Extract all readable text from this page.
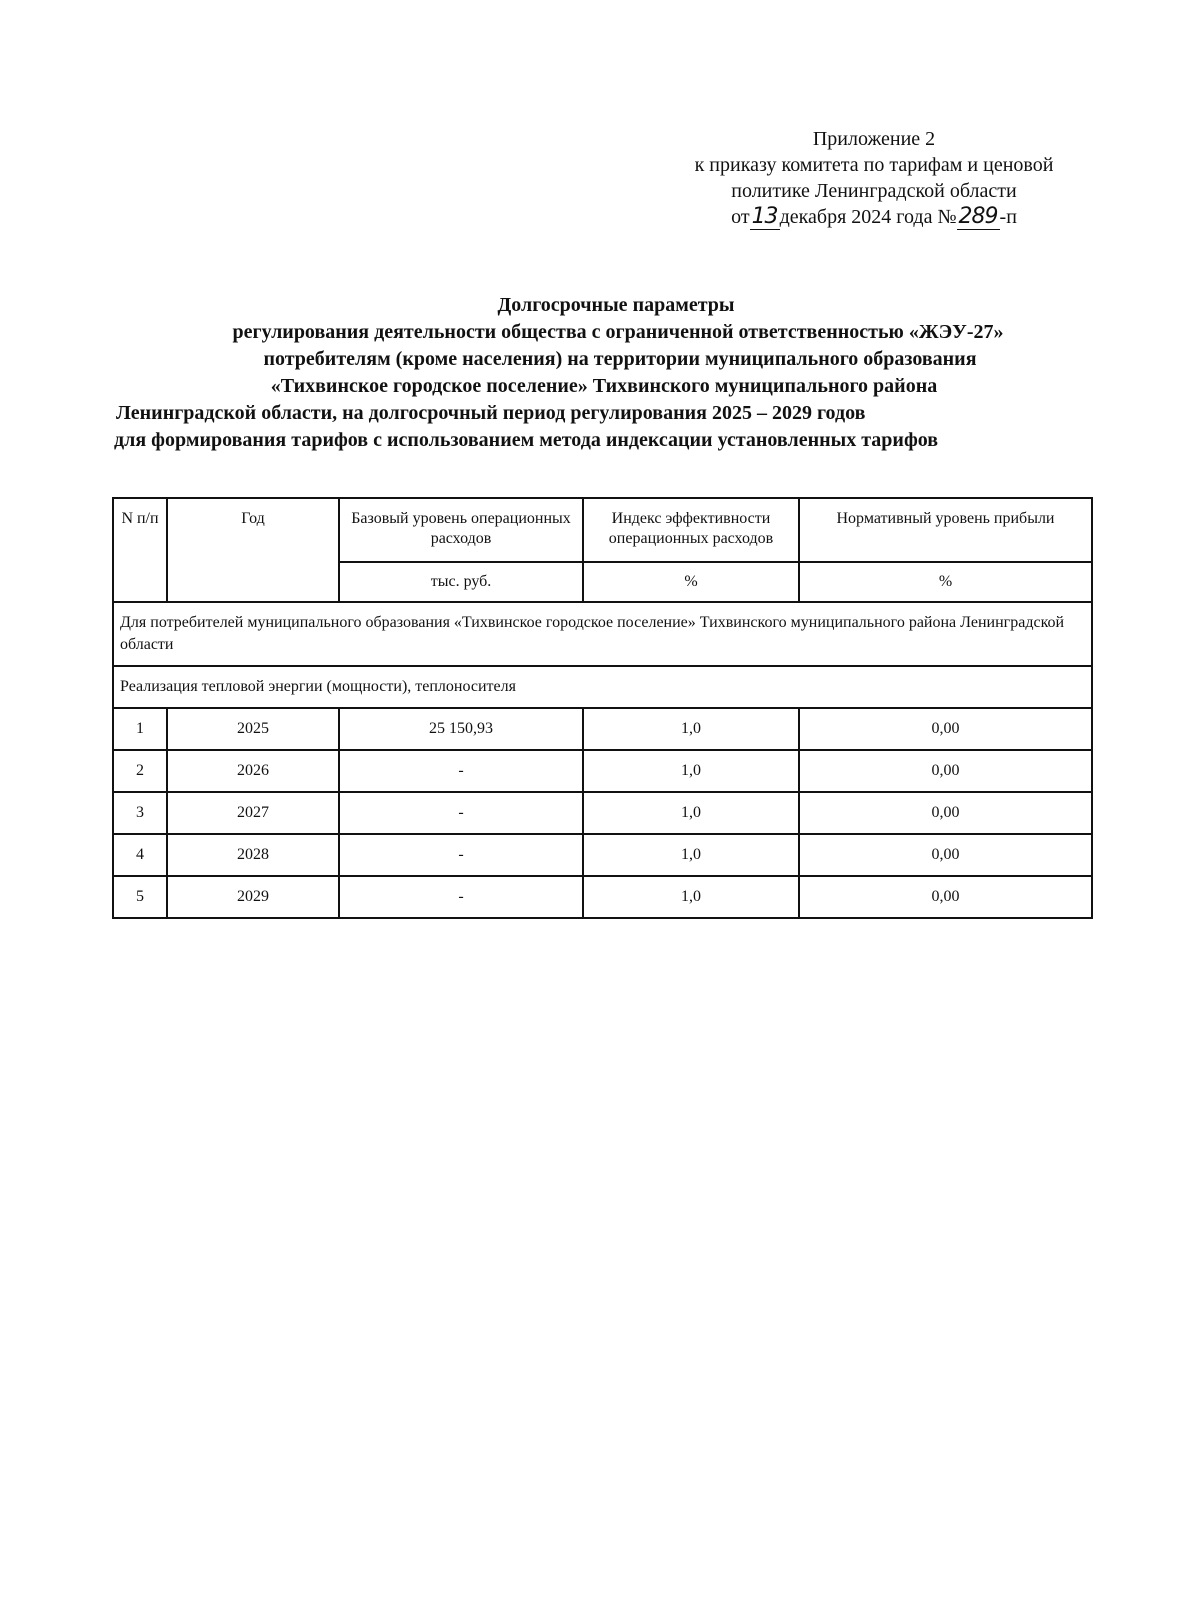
Приложение 2
к приказу комитета по тарифам и ценовой
политике Ленинградской области
от13 декабря 2024 года №289 -п
Долгосрочные параметры
регулирования деятельности общества с ограниченной ответственностью «ЖЭУ-27»
потребителям (кроме населения) на территории муниципального образования
«Тихвинское городское поселение» Тихвинского муниципального района
Ленинградской области, на долгосрочный период регулирования 2025 – 2029 годов
для формирования тарифов с использованием метода индексации установленных тарифов
N п/п	Год	Базовый уровень операционных расходов	Индекс эффективности операционных расходов	Нормативный уровень прибыли
		тыс. руб.	%	%
Для потребителей муниципального образования «Тихвинское городское поселение» Тихвинского муниципального района Ленинградской области				
Реализация тепловой энергии (мощности), теплоносителя				
1	2025	25 150,93	1,0	0,00
2	2026	-	1,0	0,00
3	2027	-	1,0	0,00
4	2028	-	1,0	0,00
5	2029	-	1,0	0,00
